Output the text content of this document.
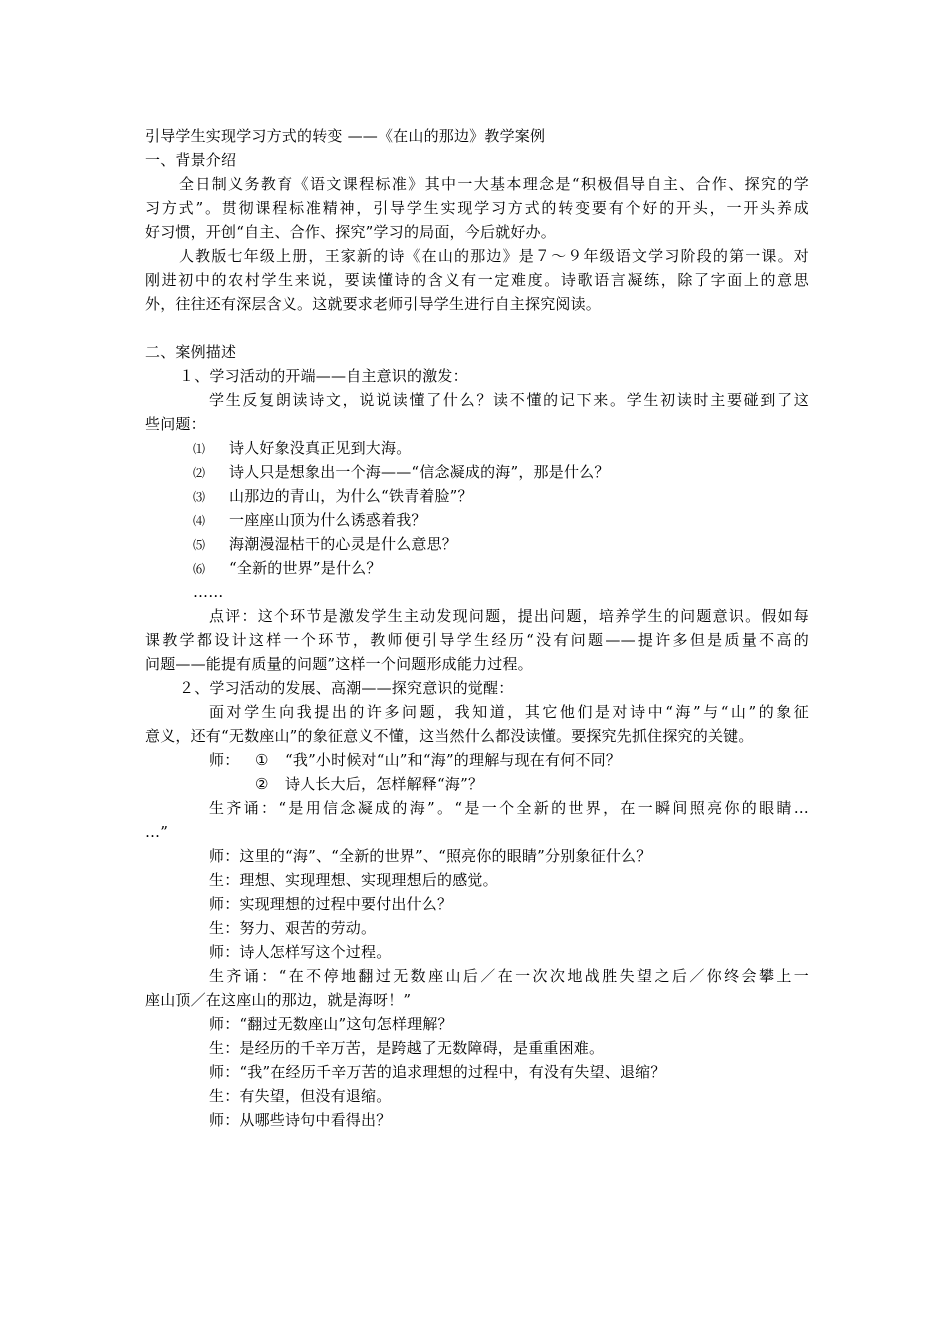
引导学生实现学习方式的转变 ——《在山的那边》教学案例
一、背景介绍
全日制义务教育《语文课程标准》其中一大基本理念是“积极倡导自主、合作、探究的学
习方式”。贯彻课程标准精神，引导学生实现学习方式的转变要有个好的开头，一开头养成
好习惯，开创“自主、合作、探究”学习的局面，今后就好办。
人教版七年级上册，王家新的诗《在山的那边》是７～９年级语文学习阶段的第一课。对
刚进初中的农村学生来说，要读懂诗的含义有一定难度。诗歌语言凝练，除了字面上的意思
外，往往还有深层含义。这就要求老师引导学生进行自主探究阅读。
二、案例描述
１、学习活动的开端——自主意识的激发：
学生反复朗读诗文，说说读懂了什么？读不懂的记下来。学生初读时主要碰到了这
些问题：
⑴ 诗人好象没真正见到大海。
⑵ 诗人只是想象出一个海——“信念凝成的海”，那是什么？
⑶ 山那边的青山，为什么“铁青着脸”？
⑷ 一座座山顶为什么诱惑着我？
⑸ 海潮漫湿枯干的心灵是什么意思？
⑹ “全新的世界”是什么？
……
点评：这个环节是激发学生主动发现问题，提出问题，培养学生的问题意识。假如每
课教学都设计这样一个环节，教师便引导学生经历“没有问题——提许多但是质量不高的
问题——能提有质量的问题”这样一个问题形成能力过程。
２、学习活动的发展、高潮——探究意识的觉醒：
面对学生向我提出的许多问题，我知道，其它他们是对诗中“海”与“山”的象征
意义，还有“无数座山”的象征意义不懂，这当然什么都没读懂。要探究先抓住探究的关键。
师： ① “我”小时候对“山”和“海”的理解与现在有何不同？
② 诗人长大后，怎样解释“海”？
生齐诵：“是用信念凝成的海”。“是一个全新的世界，在一瞬间照亮你的眼睛…
…”
师：这里的“海”、“全新的世界”、“照亮你的眼睛”分别象征什么？
生：理想、实现理想、实现理想后的感觉。
师：实现理想的过程中要付出什么？
生：努力、艰苦的劳动。
师：诗人怎样写这个过程。
生齐诵：“在不停地翻过无数座山后／在一次次地战胜失望之后／你终会攀上一
座山顶／在这座山的那边，就是海呀！”
师：“翻过无数座山”这句怎样理解？
生：是经历的千辛万苦，是跨越了无数障碍，是重重困难。
师：“我”在经历千辛万苦的追求理想的过程中，有没有失望、退缩？
生：有失望，但没有退缩。
师：从哪些诗句中看得出？
